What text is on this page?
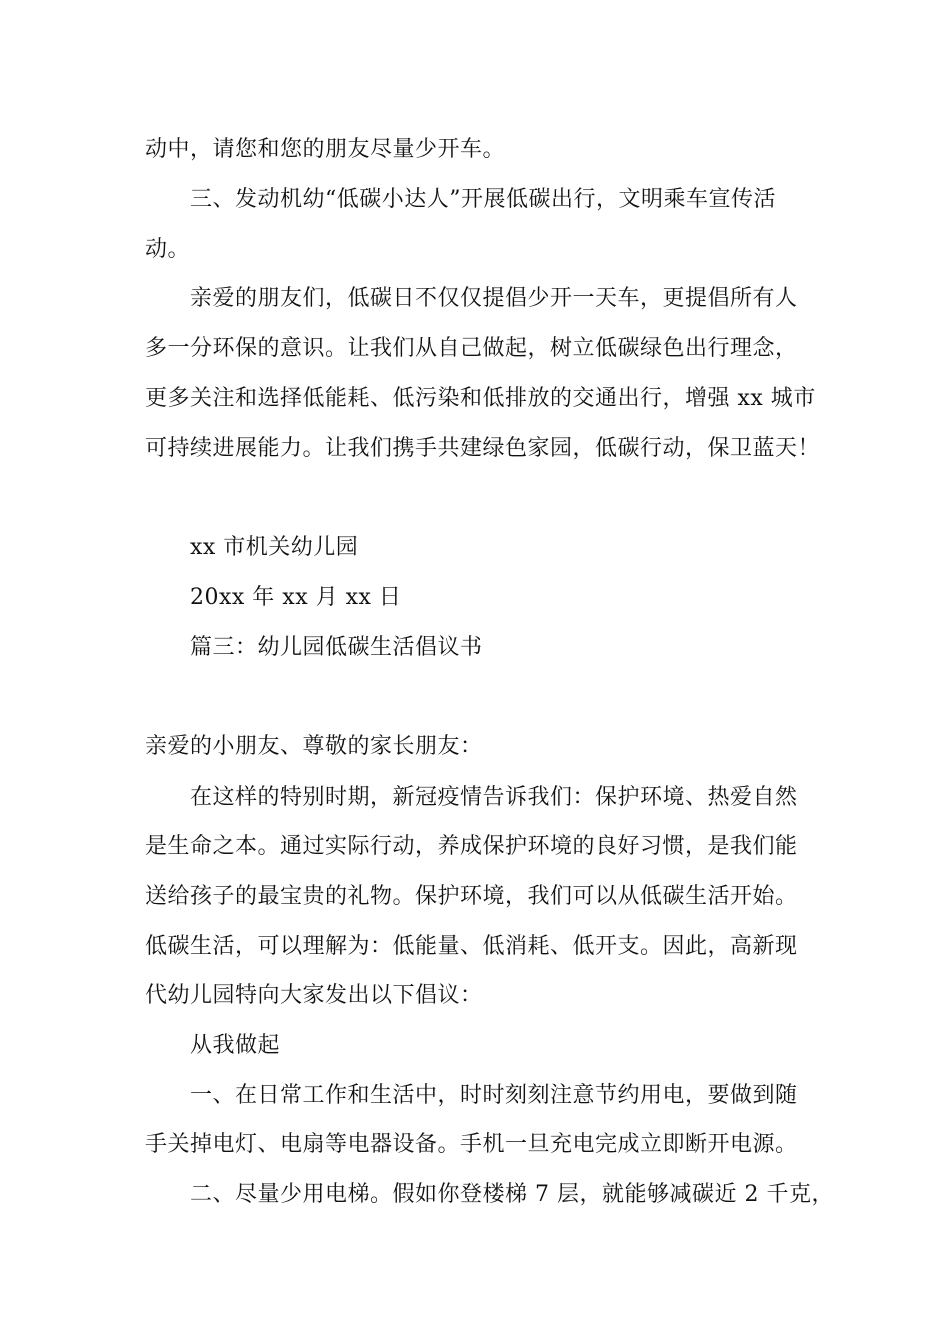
动中，请您和您的朋友尽量少开车。
三、发动机幼“低碳小达人”开展低碳出行，文明乘车宣传活
动。
亲爱的朋友们，低碳日不仅仅提倡少开一天车，更提倡所有人
多一分环保的意识。让我们从自己做起，树立低碳绿色出行理念，
更多关注和选择低能耗、低污染和低排放的交通出行，增强 xx 城市
可持续进展能力。让我们携手共建绿色家园，低碳行动，保卫蓝天！
xx 市机关幼儿园
20xx 年 xx 月 xx 日
篇三：幼儿园低碳生活倡议书
亲爱的小朋友、尊敬的家长朋友：
在这样的特别时期，新冠疫情告诉我们：保护环境、热爱自然
是生命之本。通过实际行动，养成保护环境的良好习惯，是我们能
送给孩子的最宝贵的礼物。保护环境，我们可以从低碳生活开始。
低碳生活，可以理解为：低能量、低消耗、低开支。因此，高新现
代幼儿园特向大家发出以下倡议：
从我做起
一、在日常工作和生活中，时时刻刻注意节约用电，要做到随
手关掉电灯、电扇等电器设备。手机一旦充电完成立即断开电源。
二、尽量少用电梯。假如你登楼梯 7 层，就能够减碳近 2 千克，
